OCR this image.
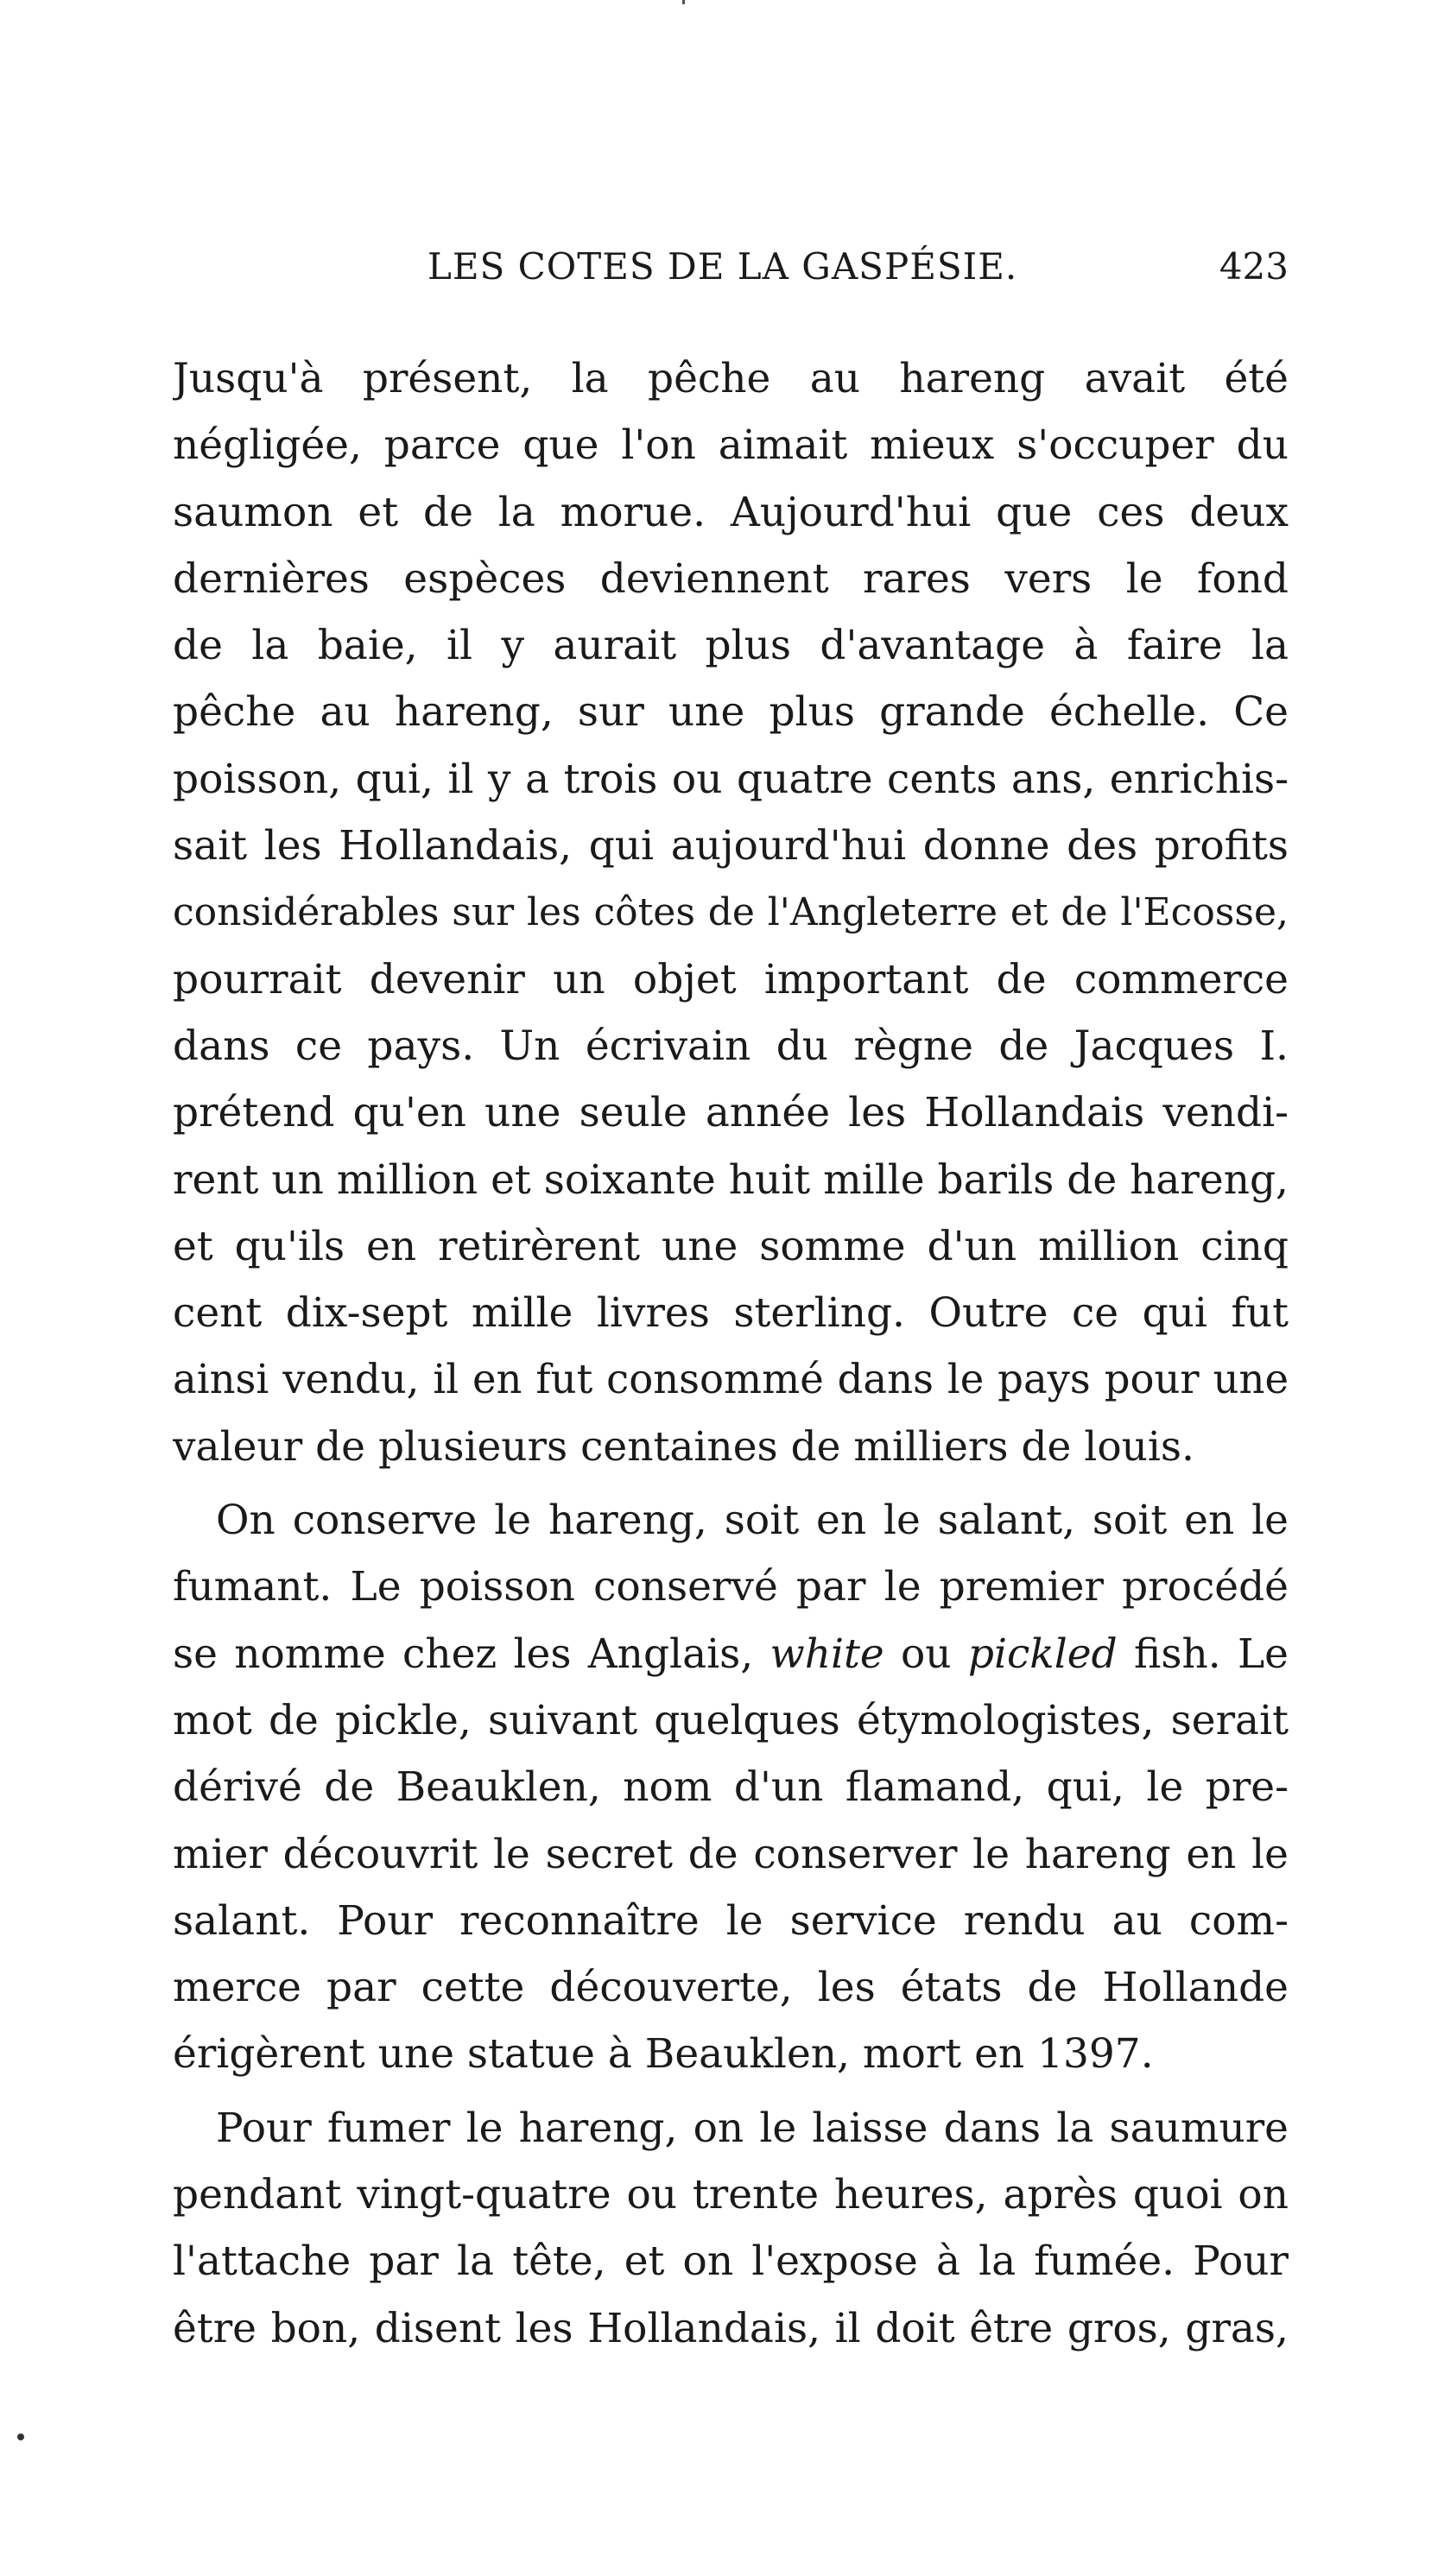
LES COTES DE LA GASPÉSIE.	423
Jusqu'à présent, la pêche au hareng avait été
négligée, parce que l'on aimait mieux s'occuper du
saumon et de la morue. Aujourd'hui que ces deux
dernières espèces deviennent rares vers le fond
de la baie, il y aurait plus d'avantage à faire la
pêche au hareng, sur une plus grande échelle. Ce
poisson, qui, il y a trois ou quatre cents ans, enrichis-
sait les Hollandais, qui aujourd'hui donne des profits
considérables sur les côtes de l'Angleterre et de l'Ecosse,
pourrait devenir un objet important de commerce
dans ce pays. Un écrivain du règne de Jacques I.
prétend qu'en une seule année les Hollandais vendi-
rent un million et soixante huit mille barils de hareng,
et qu'ils en retirèrent une somme d'un million cinq
cent dix-sept mille livres sterling. Outre ce qui fut
ainsi vendu, il en fut consommé dans le pays pour une
valeur de plusieurs centaines de milliers de louis.
On conserve le hareng, soit en le salant, soit en le
fumant. Le poisson conservé par le premier procédé
se nomme chez les Anglais, white ou pickled fish. Le
mot de pickle, suivant quelques étymologistes, serait
dérivé de Beauklen, nom d'un flamand, qui, le pre-
mier découvrit le secret de conserver le hareng en le
salant. Pour reconnaître le service rendu au com-
merce par cette découverte, les états de Hollande
érigèrent une statue à Beauklen, mort en 1397.
Pour fumer le hareng, on le laisse dans la saumure
pendant vingt-quatre ou trente heures, après quoi on
l'attache par la tête, et on l'expose à la fumée. Pour
être bon, disent les Hollandais, il doit être gros, gras,
